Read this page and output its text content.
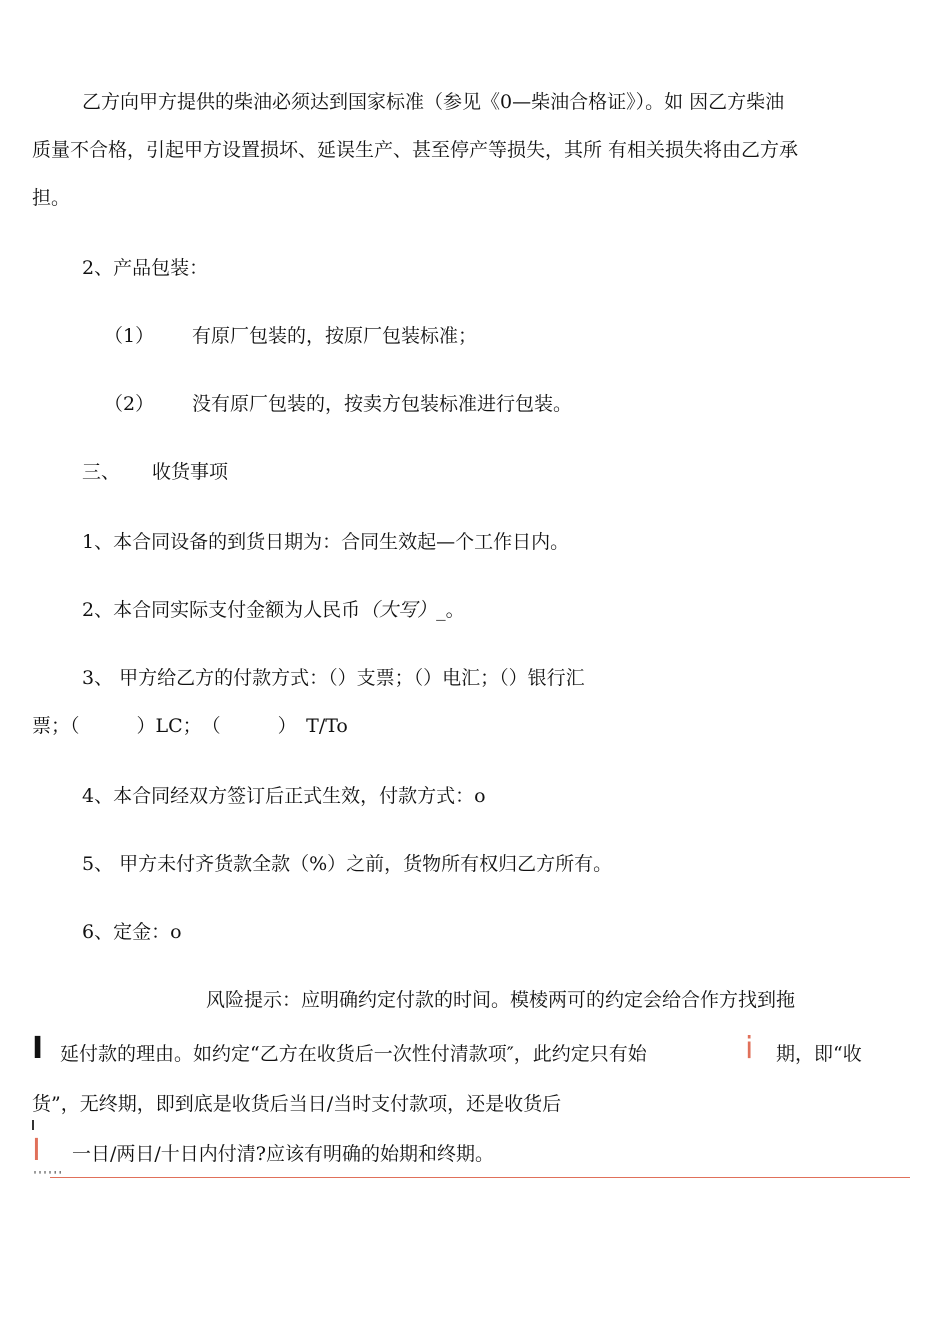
乙方向甲方提供的柴油必须达到国家标准（参见《0—柴油合格证》）。如 因乙方柴油
质量不合格，引起甲方设置损坏、延误生产、甚至停产等损失，其所 有相关损失将由乙方承
担。
2、产品包装：
（1） 有原厂包装的，按原厂包装标准；
（2） 没有原厂包装的，按卖方包装标准进行包装。
三、 收货事项
1、本合同设备的到货日期为：合同生效起—个工作日内。
2、本合同实际支付金额为人民币（大写）_。
3、 甲方给乙方的付款方式：（）支票；（）电汇；（）银行汇
票；（　　　）LC；　（　　　）　T/To
4、本合同经双方签订后正式生效，付款方式：o
5、 甲方未付齐货款全款（%）之前，货物所有权归乙方所有。
6、定金：o
风险提示：应明确约定付款的时间。模棱两可的约定会给合作方找到拖
I 延付款的理由。如约定“乙方在收货后一次性付清款项″，此约定只有始	i 期，即“收
货”，无终期，即到底是收货后当日/当时支付款项，还是收货后
I 一日/两日/十日内付清?应该有明确的始期和终期。
''''''
